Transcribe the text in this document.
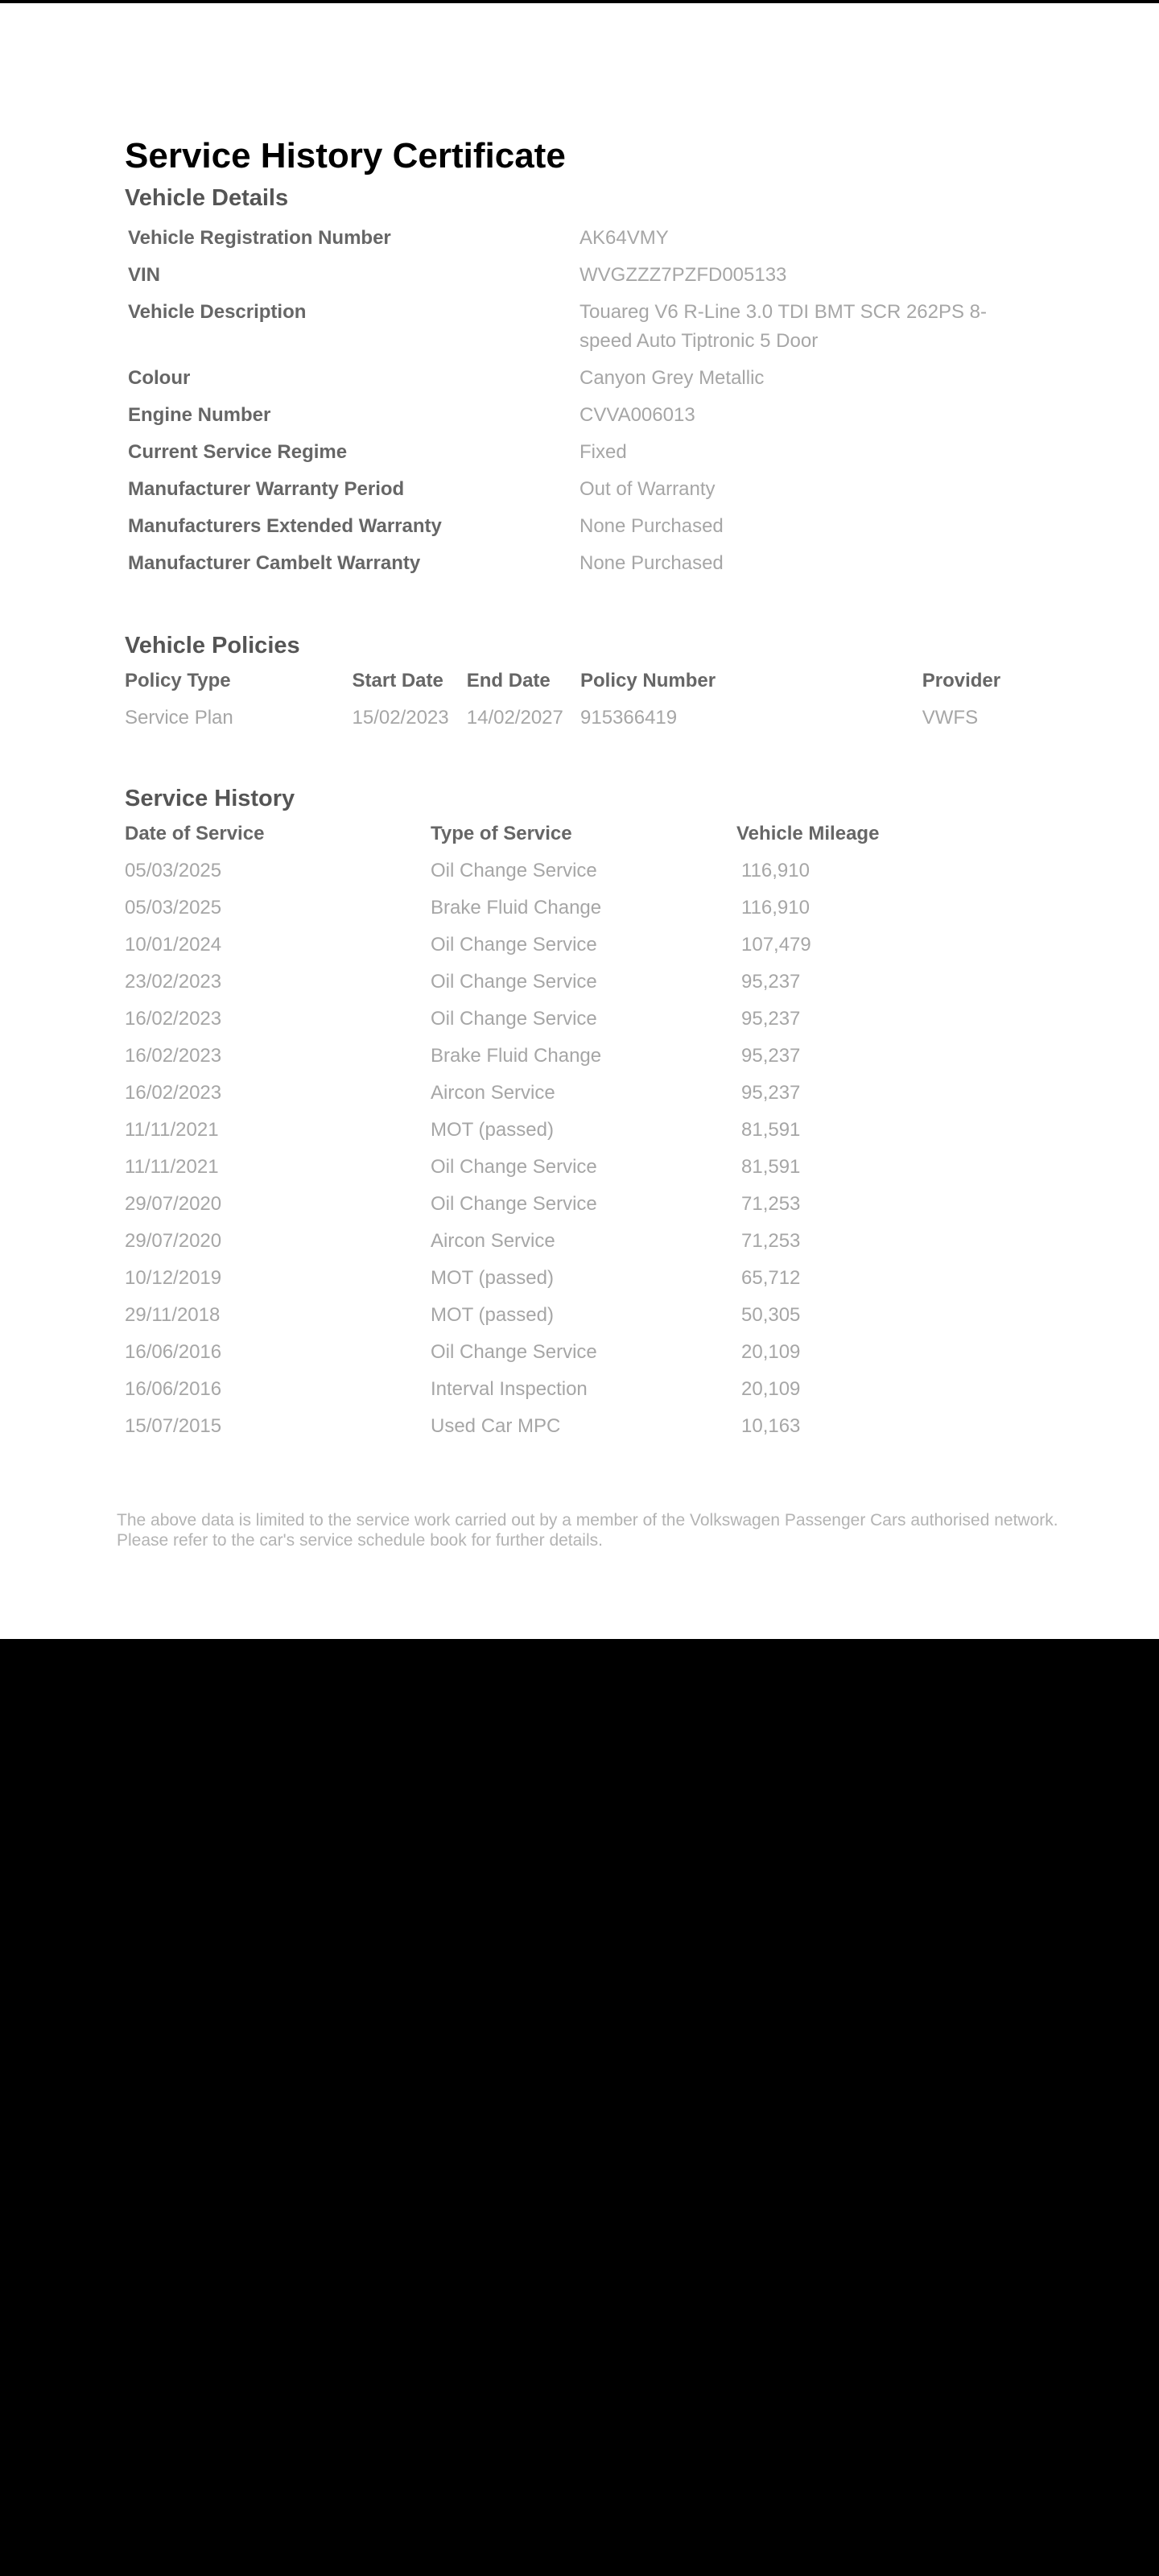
Service History Certificate
Vehicle Details
Vehicle Registration Number	AK64VMY
VIN	WVGZZZ7PZFD005133
Vehicle Description	Touareg V6 R-Line 3.0 TDI BMT SCR 262PS 8-speed Auto Tiptronic 5 Door
Colour	Canyon Grey Metallic
Engine Number	CVVA006013
Current Service Regime	Fixed
Manufacturer Warranty Period	Out of Warranty
Manufacturers Extended Warranty	None Purchased
Manufacturer Cambelt Warranty	None Purchased
Vehicle Policies
Policy Type	Start Date	End Date	Policy Number	Provider
Service Plan	15/02/2023 14/02/2027 915366419	VWFS
Service History
Date of Service	Type of Service	Vehicle Mileage
05/03/2025	Oil Change Service	116,910
05/03/2025	Brake Fluid Change	116,910
10/01/2024	Oil Change Service	107,479
23/02/2023	Oil Change Service	95,237
16/02/2023	Oil Change Service	95,237
16/02/2023	Brake Fluid Change	95,237
16/02/2023	Aircon Service	95,237
11/11/2021	MOT (passed)	81,591
11/11/2021	Oil Change Service	81,591
29/07/2020	Oil Change Service	71,253
29/07/2020	Aircon Service	71,253
10/12/2019	MOT (passed)	65,712
29/11/2018	MOT (passed)	50,305
16/06/2016	Oil Change Service	20,109
16/06/2016	Interval Inspection	20,109
15/07/2015	Used Car MPC	10,163
The above data is limited to the service work carried out by a member of the Volkswagen Passenger Cars authorised network.
Please refer to the car's service schedule book for further details.
